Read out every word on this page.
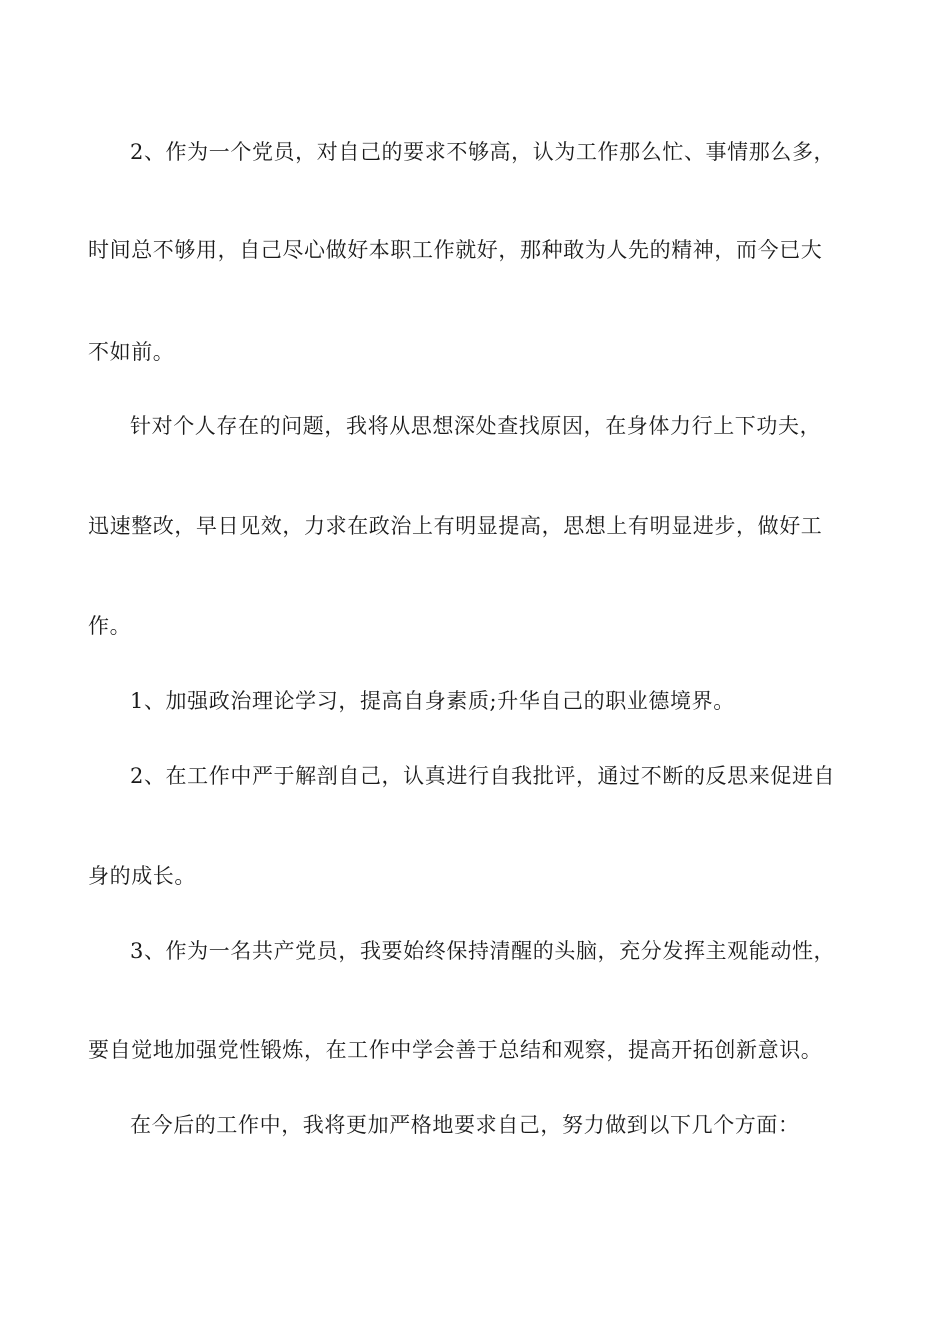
2、作为一个党员，对自己的要求不够高，认为工作那么忙、事情那么多，
时间总不够用，自己尽心做好本职工作就好，那种敢为人先的精神，而今已大
不如前。
针对个人存在的问题，我将从思想深处查找原因，在身体力行上下功夫，
迅速整改，早日见效，力求在政治上有明显提高，思想上有明显进步，做好工
作。
1、加强政治理论学习，提高自身素质;升华自己的职业德境界。
2、在工作中严于解剖自己，认真进行自我批评，通过不断的反思来促进自
身的成长。
3、作为一名共产党员，我要始终保持清醒的头脑，充分发挥主观能动性，
要自觉地加强党性锻炼，在工作中学会善于总结和观察，提高开拓创新意识。
在今后的工作中，我将更加严格地要求自己，努力做到以下几个方面：
